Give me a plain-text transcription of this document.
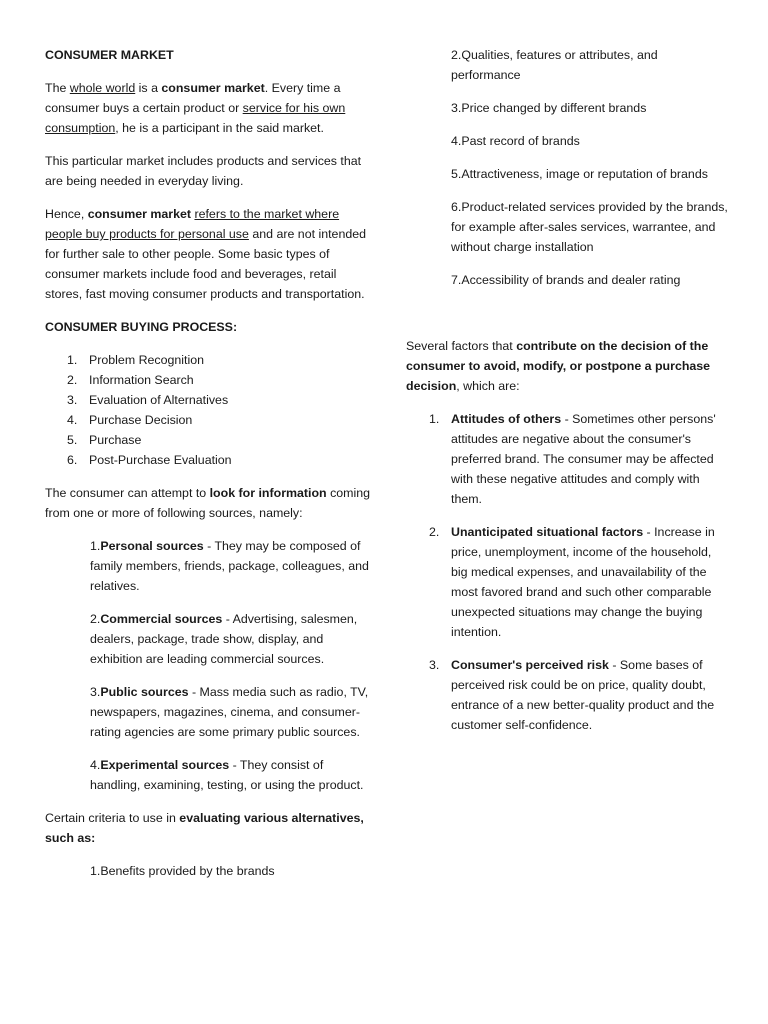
CONSUMER MARKET

The whole world is a consumer market. Every time a consumer buys a certain product or service for his own consumption, he is a participant in the said market.

This particular market includes products and services that are being needed in everyday living.

Hence, consumer market refers to the market where people buy products for personal use and are not intended for further sale to other people. Some basic types of consumer markets include food and beverages, retail stores, fast moving consumer products and transportation.

CONSUMER BUYING PROCESS:

1. Problem Recognition
2. Information Search
3. Evaluation of Alternatives
4. Purchase Decision
5. Purchase
6. Post-Purchase Evaluation

The consumer can attempt to look for information coming from one or more of following sources, namely:

1.Personal sources - They may be composed of family members, friends, package, colleagues, and relatives.

2.Commercial sources - Advertising, salesmen, dealers, package, trade show, display, and exhibition are leading commercial sources.

3.Public sources - Mass media such as radio, TV, newspapers, magazines, cinema, and consumer-rating agencies are some primary public sources.

4.Experimental sources - They consist of handling, examining, testing, or using the product.

Certain criteria to use in evaluating various alternatives, such as:

1.Benefits provided by the brands

2.Qualities, features or attributes, and performance

3.Price changed by different brands

4.Past record of brands

5.Attractiveness, image or reputation of brands

6.Product-related services provided by the brands, for example after-sales services, warrantee, and without charge installation

7.Accessibility of brands and dealer rating

Several factors that contribute on the decision of the consumer to avoid, modify, or postpone a purchase decision, which are:

1. Attitudes of others - Sometimes other persons' attitudes are negative about the consumer's preferred brand. The consumer may be affected with these negative attitudes and comply with them.
2. Unanticipated situational factors - Increase in price, unemployment, income of the household, big medical expenses, and unavailability of the most favored brand and such other comparable unexpected situations may change the buying intention.
3. Consumer's perceived risk - Some bases of perceived risk could be on price, quality doubt, entrance of a new better-quality product and the customer self-confidence.
